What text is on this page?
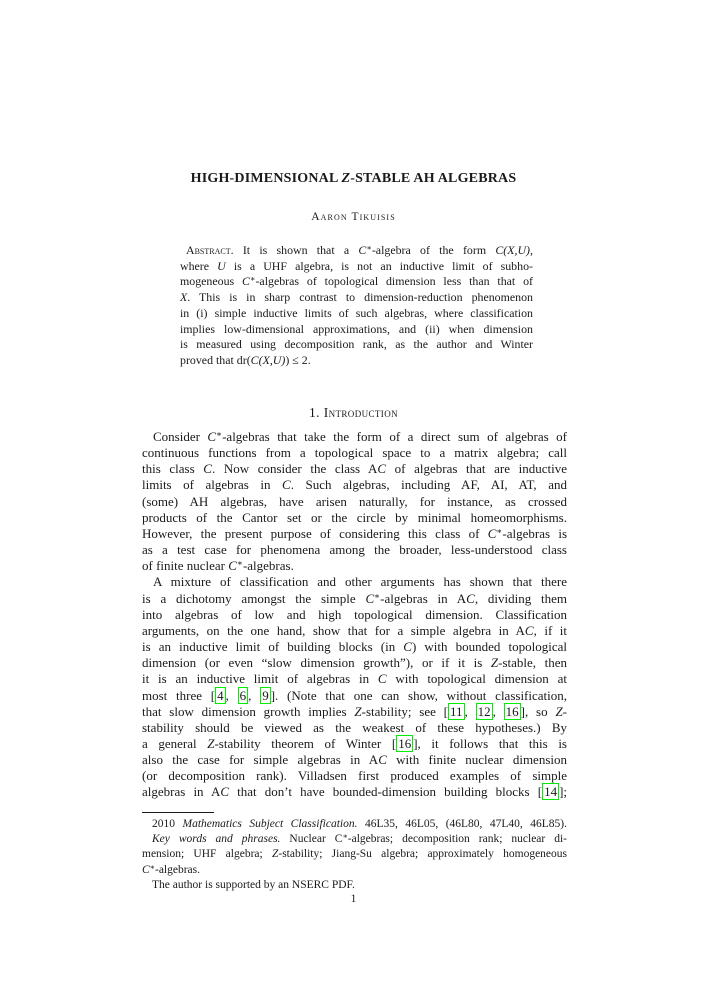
HIGH-DIMENSIONAL Z-STABLE AH ALGEBRAS
Aaron Tikuisis
Abstract. It is shown that a C∗-algebra of the form C(X,U),
where U is a UHF algebra, is not an inductive limit of subho-
mogeneous C∗-algebras of topological dimension less than that of
X. This is in sharp contrast to dimension-reduction phenomenon
in (i) simple inductive limits of such algebras, where classification
implies low-dimensional approximations, and (ii) when dimension
is measured using decomposition rank, as the author and Winter
proved that dr(C(X,U)) ≤ 2.
1. Introduction
Consider C∗-algebras that take the form of a direct sum of algebras of
continuous functions from a topological space to a matrix algebra; call
this class C. Now consider the class AC of algebras that are inductive
limits of algebras in C. Such algebras, including AF, AI, AT, and
(some) AH algebras, have arisen naturally, for instance, as crossed
products of the Cantor set or the circle by minimal homeomorphisms.
However, the present purpose of considering this class of C∗-algebras is
as a test case for phenomena among the broader, less-understood class
of finite nuclear C∗-algebras.
A mixture of classification and other arguments has shown that there
is a dichotomy amongst the simple C∗-algebras in AC, dividing them
into algebras of low and high topological dimension. Classification
arguments, on the one hand, show that for a simple algebra in AC, if it
is an inductive limit of building blocks (in C) with bounded topological
dimension (or even “slow dimension growth”), or if it is Z-stable, then
it is an inductive limit of algebras in C with topological dimension at
most three [ 4 , 6 , 9 ]. (Note that one can show, without classification,
that slow dimension growth implies Z-stability; see [ 11 , 12 , 16 ], so Z-
stability should be viewed as the weakest of these hypotheses.) By
a general Z-stability theorem of Winter [ 16 ], it follows that this is
also the case for simple algebras in AC with finite nuclear dimension
(or decomposition rank). Villadsen first produced examples of simple
algebras in AC that don’t have bounded-dimension building blocks [ 14 ];
2010 Mathematics Subject Classification. 46L35, 46L05, (46L80, 47L40, 46L85).
Key words and phrases. Nuclear C∗-algebras; decomposition rank; nuclear di-
mension; UHF algebra; Z-stability; Jiang-Su algebra; approximately homogeneous
C∗-algebras.
The author is supported by an NSERC PDF.
1
